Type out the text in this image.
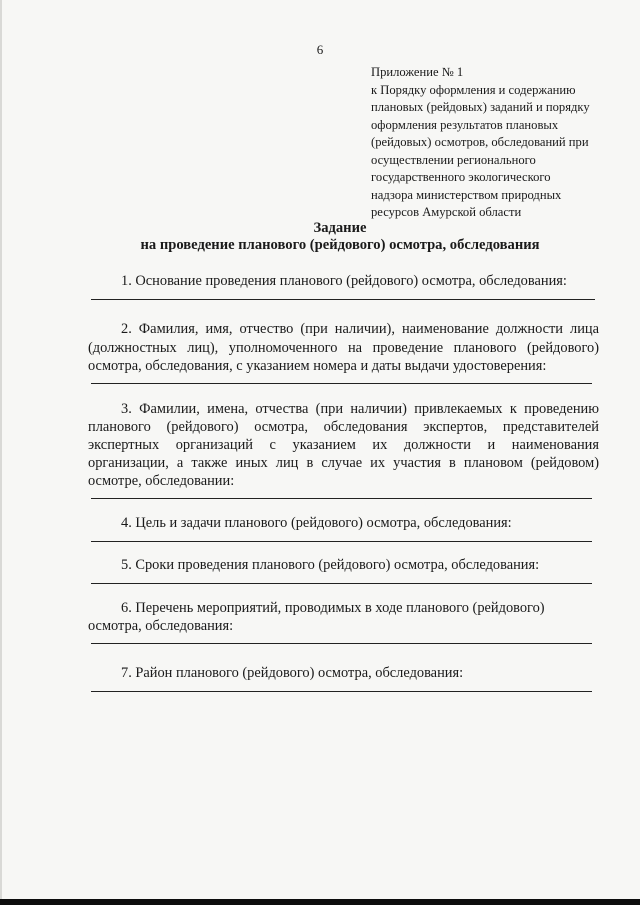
6
Приложение № 1
к Порядку оформления и содержанию
плановых (рейдовых) заданий и порядку
оформления результатов плановых
(рейдовых) осмотров, обследований при
осуществлении регионального
государственного экологического
надзора министерством природных
ресурсов Амурской области
Задание
на проведение планового (рейдового) осмотра, обследования
1. Основание проведения планового (рейдового) осмотра, обследования:
2. Фамилия, имя, отчество (при наличии), наименование должности лица
(должностных лиц), уполномоченного на проведение планового (рейдового)
осмотра, обследования, с указанием номера и даты выдачи удостоверения:
3. Фамилии, имена, отчества (при наличии) привлекаемых к проведению
планового (рейдового) осмотра, обследования экспертов, представителей
экспертных организаций с указанием их должности и наименования
организации, а также иных лиц в случае их участия в плановом (рейдовом)
осмотре, обследовании:
4. Цель и задачи планового (рейдового) осмотра, обследования:
5. Сроки проведения планового (рейдового) осмотра, обследования:
6. Перечень мероприятий, проводимых в ходе планового (рейдового)
осмотра, обследования:
7. Район планового (рейдового) осмотра, обследования:
